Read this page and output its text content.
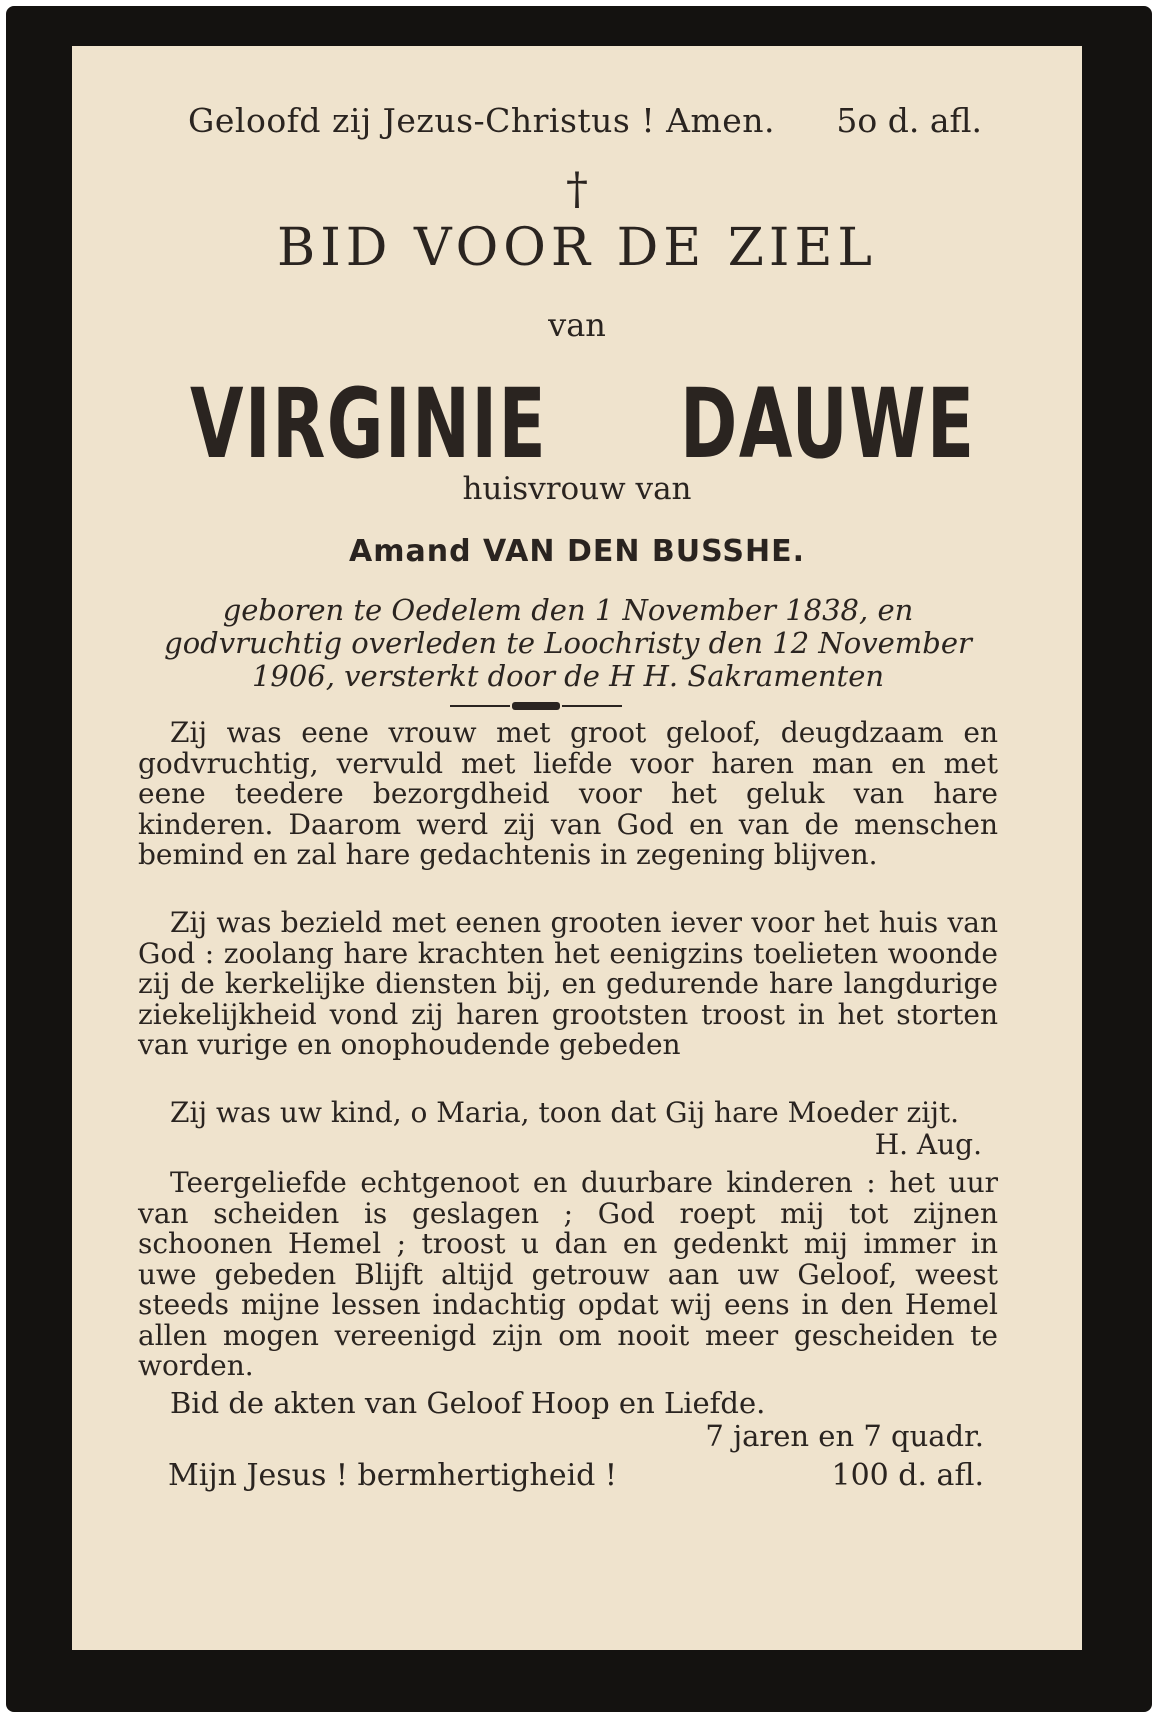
Geloofd zij Jezus-Christus ! Amen. 5o d. afl.
†
BID VOOR DE ZIEL
van
VIRGINIE DAUWE
huisvrouw van
Amand VAN DEN BUSSHE.
geboren te Oedelem den 1 November 1838, en godvruchtig overleden te Loochristy den 12 November 1906, versterkt door de H H. Sakramenten
Zij was eene vrouw met groot geloof, deugdzaam en godvruchtig, vervuld met liefde voor haren man en met eene teedere bezorgdheid voor het geluk van hare kinderen. Daarom werd zij van God en van de menschen bemind en zal hare gedachtenis in zegening blijven.
Zij was bezield met eenen grooten iever voor het huis van God : zoolang hare krachten het eenigzins toelieten woonde zij de kerkelijke diensten bij, en gedurende hare langdurige ziekelijkheid vond zij haren grootsten troost in het storten van vurige en onophoudende gebeden
Zij was uw kind, o Maria, toon dat Gij hare Moeder zijt.
H. Aug.
Teergeliefde echtgenoot en duurbare kinderen : het uur van scheiden is geslagen ; God roept mij tot zijnen schoonen Hemel ; troost u dan en gedenkt mij immer in uwe gebeden Blijft altijd getrouw aan uw Geloof, weest steeds mijne lessen indachtig opdat wij eens in den Hemel allen mogen vereenigd zijn om nooit meer gescheiden te worden.
Bid de akten van Geloof Hoop en Liefde.
7 jaren en 7 quadr.
Mijn Jesus ! bermhertigheid !	100 d. afl.
